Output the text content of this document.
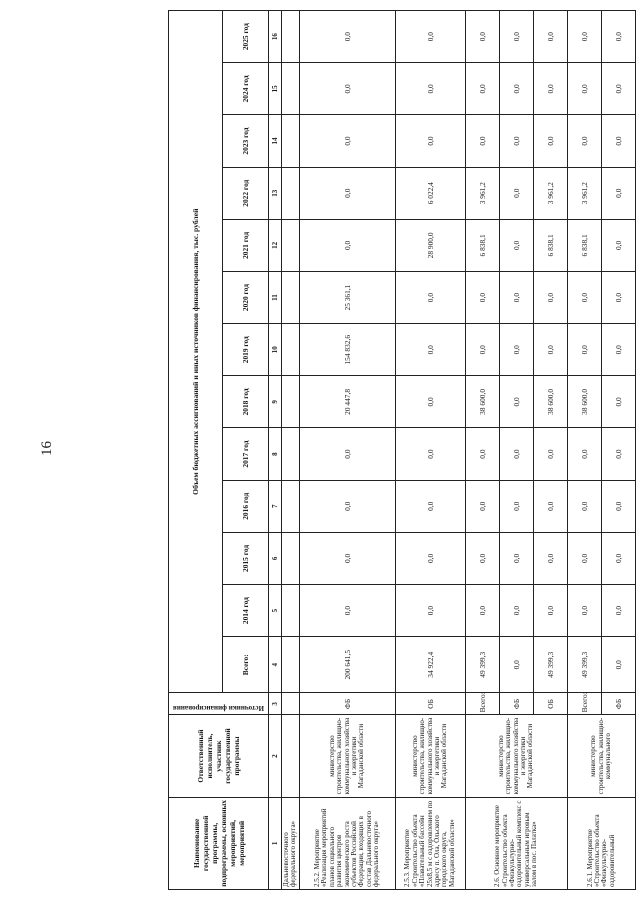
16
Наименование государственной программы, подпрограммы, основных мероприятий, мероприятий	Ответственный исполнитель, участник государственной программы	Источники финансирования	Объем бюджетных ассигнований и иных источников финансирования, тыс. рублей												
			Всего:	2014 год	2015 год	2016 год	2017 год	2018 год	2019 год	2020 год	2021 год	2022 год	2023 год	2024 год	2025 год
1	2	3	4	5	6	7	8	9	10	11	12	13	14	15	16
Дальневосточного федерального округа»															
2.5.2. Мероприятие «Реализация мероприятий планов социального развития центров экономического роста субъектов Российской Федерации, входящих в состав Дальневосточного федерального округа»	министерство строительства, жилищно-коммунального хозяйства и энергетики Магаданской области	ФБ	200 641,5	0,0	0,0	0,0	0,0	20 447,8	154 832,6	25 361,1	0,0	0,0	0,0	0,0	0,0
2.5.3. Мероприятие «Строительство объекта «Плавательный бассейн 25x8,5 м с оздоровлением по адресу п. Ола, Ольского городского округа, Магаданской области»	министерство строительства, жилищно-коммунального хозяйства и энергетики Магаданской области	ОБ	34 922,4	0,0	0,0	0,0	0,0	0,0	0,0	0,0	28 900,0	6 022,4	0,0	0,0	0,0
2.6. Основное мероприятие «Строительство объекта «Физкультурно-оздоровительный комплекс с универсальным игровым залом в пос. Палатка»	министерство строительства, жилищно-коммунального хозяйства и энергетики Магаданской области	Всего:	49 399,3	0,0	0,0	0,0	0,0	38 600,0	0,0	0,0	6 838,1	3 961,2	0,0	0,0	0,0
		ФБ	0,0	0,0	0,0	0,0	0,0	0,0	0,0	0,0	0,0	0,0	0,0	0,0	0,0
		ОБ	49 399,3	0,0	0,0	0,0	0,0	38 600,0	0,0	0,0	6 838,1	3 961,2	0,0	0,0	0,0
2.6.1. Мероприятие «Строительство объекта «Физкультурно-оздоровительный	министерство строительства, жилищно-коммунального	Всего:	49 399,3	0,0	0,0	0,0	0,0	38 600,0	0,0	0,0	6 838,1	3 961,2	0,0	0,0	0,0
		ФБ	0,0	0,0	0,0	0,0	0,0	0,0	0,0	0,0	0,0	0,0	0,0	0,0	0,0
